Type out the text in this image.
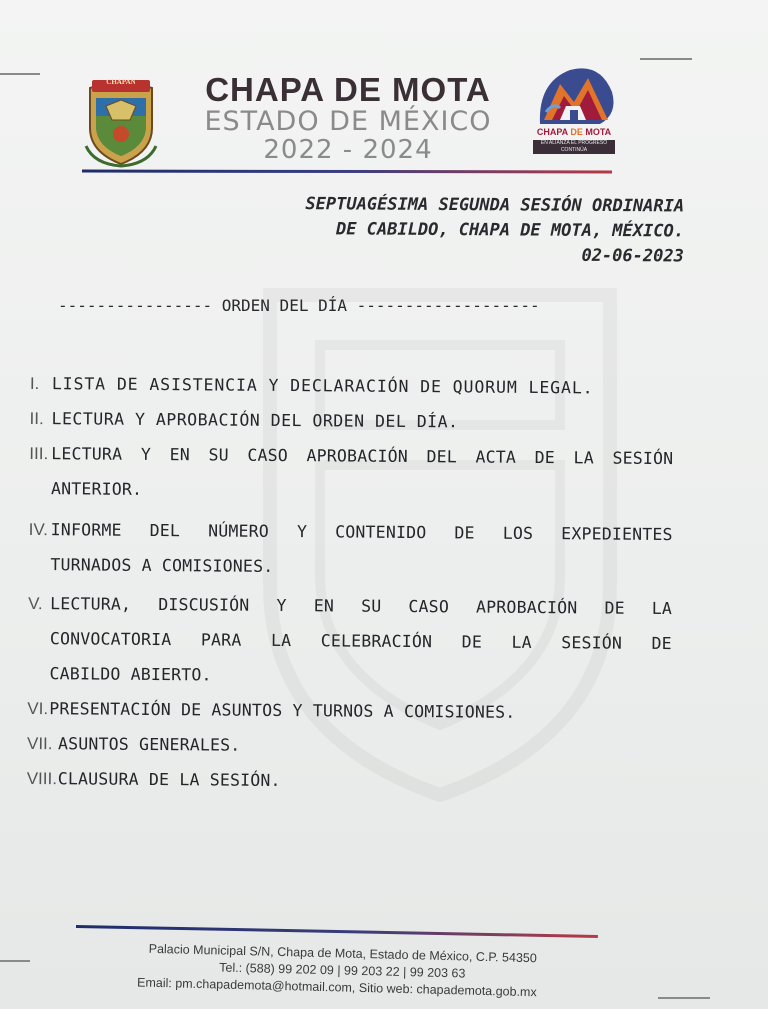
CHAPAN	CHAPA DE MOTA
ESTADO DE MÉXICO
2022 - 2024
CHAPA DE MOTA
EN ALIANZA EL PROGRESO CONTINÚA
SEPTUAGÉSIMA SEGUNDA SESIÓN ORDINARIA
DE CABILDO, CHAPA DE MOTA, MÉXICO.
02-06-2023
---------------- ORDEN DEL DÍA -------------------
I. LISTA DE ASISTENCIA Y DECLARACIÓN DE QUORUM LEGAL.
II. LECTURA Y APROBACIÓN DEL ORDEN DEL DÍA.
III. LECTURA Y EN SU CASO APROBACIÓN DEL ACTA DE LA SESIÓN
ANTERIOR.
IV. INFORME DEL NÚMERO Y CONTENIDO DE LOS EXPEDIENTES
TURNADOS A COMISIONES.
V. LECTURA, DISCUSIÓN Y EN SU CASO APROBACIÓN DE LA
CONVOCATORIA PARA LA CELEBRACIÓN DE LA SESIÓN DE
CABILDO ABIERTO.
VI. PRESENTACIÓN DE ASUNTOS Y TURNOS A COMISIONES.
VII. ASUNTOS GENERALES.
VIII. CLAUSURA DE LA SESIÓN.
Palacio Municipal S/N, Chapa de Mota, Estado de México, C.P. 54350
Tel.: (588) 99 202 09 | 99 203 22 | 99 203 63
Email: pm.chapademota@hotmail.com, Sitio web: chapademota.gob.mx
